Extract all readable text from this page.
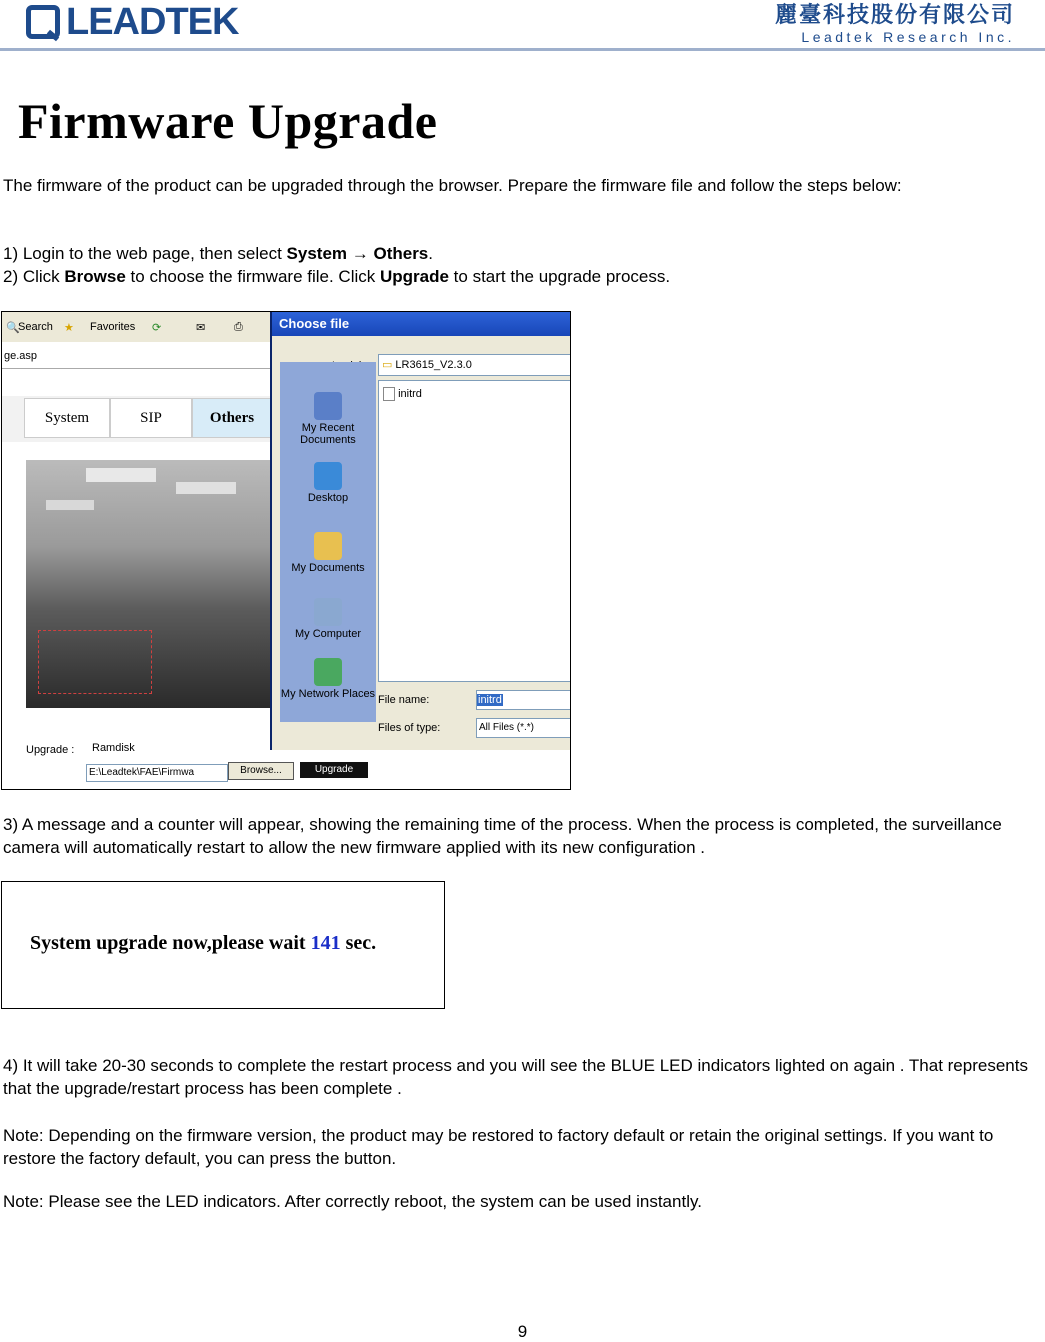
LEADTEK	麗臺科技股份有限公司
Leadtek Research Inc.
Firmware Upgrade
The firmware of the product can be upgraded through the browser. Prepare the firmware file and follow the steps below:
1) Login to the web page, then select System → Others.
2) Click Browse to choose the firmware file. Click Upgrade to start the upgrade process.
🔍
Search ★ Favorites ⟳	✉	⎙
ge.asp
System	SIP	Others
Upgrade : Ramdisk
E:\Leadtek\FAE\Firmwa	Browse...	Upgrade
Choose file
▭ LR3615_V2.3.0
My Recent Documents
Desktop
My Documents
My Computer
My Network Places
initrd
File name:	initrd
Files of type:	All Files (*.*)
3) A message and a counter will appear, showing the remaining time of the process. When the process is completed, the surveillance camera will automatically restart to allow the new firmware applied with its new configuration .
System upgrade now,please wait 141 sec.
4) It will take 20-30 seconds to complete the restart process and you will see the BLUE LED indicators lighted on again . That represents that the upgrade/restart process has been complete .
Note: Depending on the firmware version, the product may be restored to factory default or retain the original settings. If you want to restore the factory default, you can press the button.
Note: Please see the LED indicators. After correctly reboot, the system can be used instantly.
9
